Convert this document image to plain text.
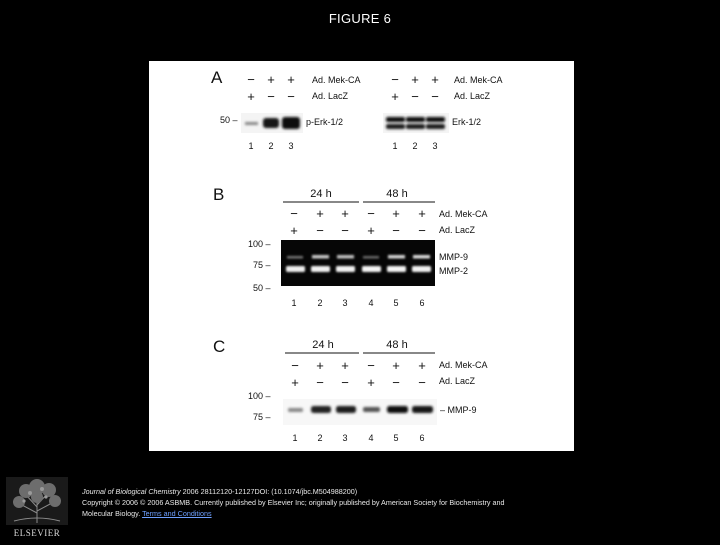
FIGURE 6
A − + +
+ − −
Ad. Mek-CA
Ad. LacZ
50 –	p-Erk-1/2
1 2 3
− + +
+ − −
Ad. Mek-CA
Ad. LacZ
Erk-1/2
1 2 3
B	24 h	48 h
− + + − + +
+ − − + − −
Ad. Mek-CA
Ad. LacZ
100 –
75 –
50 –
MMP-9
MMP-2
1 2 3 4 5 6
C	24 h	48 h
− + + − + +
+ − − + − −
Ad. Mek-CA
Ad. LacZ
100 –
75 –
– MMP-9
1 2 3 4 5 6
ELSEVIER
Journal of Biological Chemistry 2006 28112120-12127DOI: (10.1074/jbc.M504988200)
Copyright © 2006 © 2006 ASBMB. Currently published by Elsevier Inc; originally published by American Society for Biochemistry and Molecular Biology. Terms and Conditions
